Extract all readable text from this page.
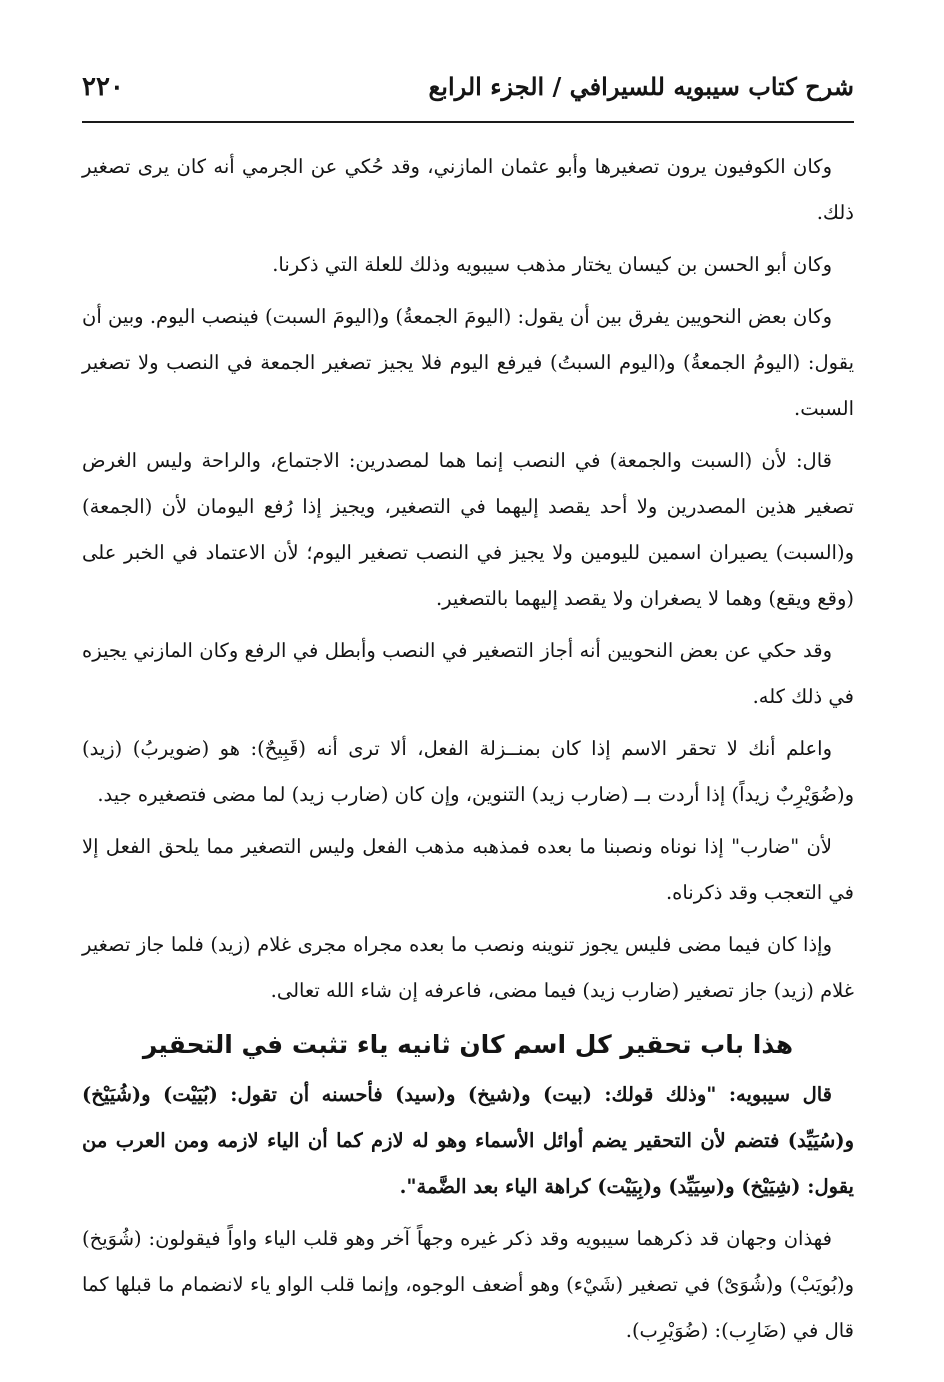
شرح كتاب سيبويه للسيرافي / الجزء الرابع
٢٢٠

وكان الكوفيون يرون تصغيرها وأبو عثمان المازني، وقد حُكي عن الجرمي أنه كان يرى تصغير ذلك.

وكان أبو الحسن بن كيسان يختار مذهب سيبويه وذلك للعلة التي ذكرنا.

وكان بعض النحويين يفرق بين أن يقول: (اليومَ الجمعةُ) و(اليومَ السبت) فينصب اليوم. وبين أن يقول: (اليومُ الجمعةُ) و(اليوم السبتُ) فيرفع اليوم فلا يجيز تصغير الجمعة في النصب ولا تصغير السبت.

قال: لأن (السبت والجمعة) في النصب إنما هما لمصدرين: الاجتماع، والراحة وليس الغرض تصغير هذين المصدرين ولا أحد يقصد إليهما في التصغير، ويجيز إذا رُفع اليومان لأن (الجمعة) و(السبت) يصيران اسمين لليومين ولا يجيز في النصب تصغير اليوم؛ لأن الاعتماد في الخبر على (وقع ويقع) وهما لا يصغران ولا يقصد إليهما بالتصغير.

وقد حكي عن بعض النحويين أنه أجاز التصغير في النصب وأبطل في الرفع وكان المازني يجيزه في ذلك كله.

واعلم أنك لا تحقر الاسم إذا كان بمنــزلة الفعل، ألا ترى أنه (قَبِيحٌ): هو (ضويربُ) (زيد) و(ضُوَيْرِبٌ زيداً) إذا أردت بــ (ضارب زيد) التنوين، وإن كان (ضارب زيد) لما مضى فتصغيره جيد.

لأن "ضارب" إذا نوناه ونصبنا ما بعده فمذهبه مذهب الفعل وليس التصغير مما يلحق الفعل إلا في التعجب وقد ذكرناه.

وإذا كان فيما مضى فليس يجوز تنوينه ونصب ما بعده مجراه مجرى غلام (زيد) فلما جاز تصغير غلام (زيد) جاز تصغير (ضارب زيد) فيما مضى، فاعرفه إن شاء الله تعالى.

هذا باب تحقير كل اسم كان ثانيه ياء تثبت في التحقير

قال سيبويه: "وذلك قولك: (بيت) و(شيخ) و(سيد) فأحسنه أن تقول: (بُيَيْت) و(شُيَيْخ) و(سُيَيِّد) فتضم لأن التحقير يضم أوائل الأسماء وهو له لازم كما أن الياء لازمه ومن العرب من يقول: (شِيَيْخ) و(سِيَيِّد) و(بِيَيْت) كراهة الياء بعد الضَّمة".

فهذان وجهان قد ذكرهما سيبويه وقد ذكر غيره وجهاً آخر وهو قلب الياء واواً فيقولون: (شُوَيخ) و(بُويَبْ) و(شُوَىْ) في تصغير (شَيْء) وهو أضعف الوجوه، وإنما قلب الواو ياء لانضمام ما قبلها كما قال في (ضَارِب): (ضُوَيْرِب).
